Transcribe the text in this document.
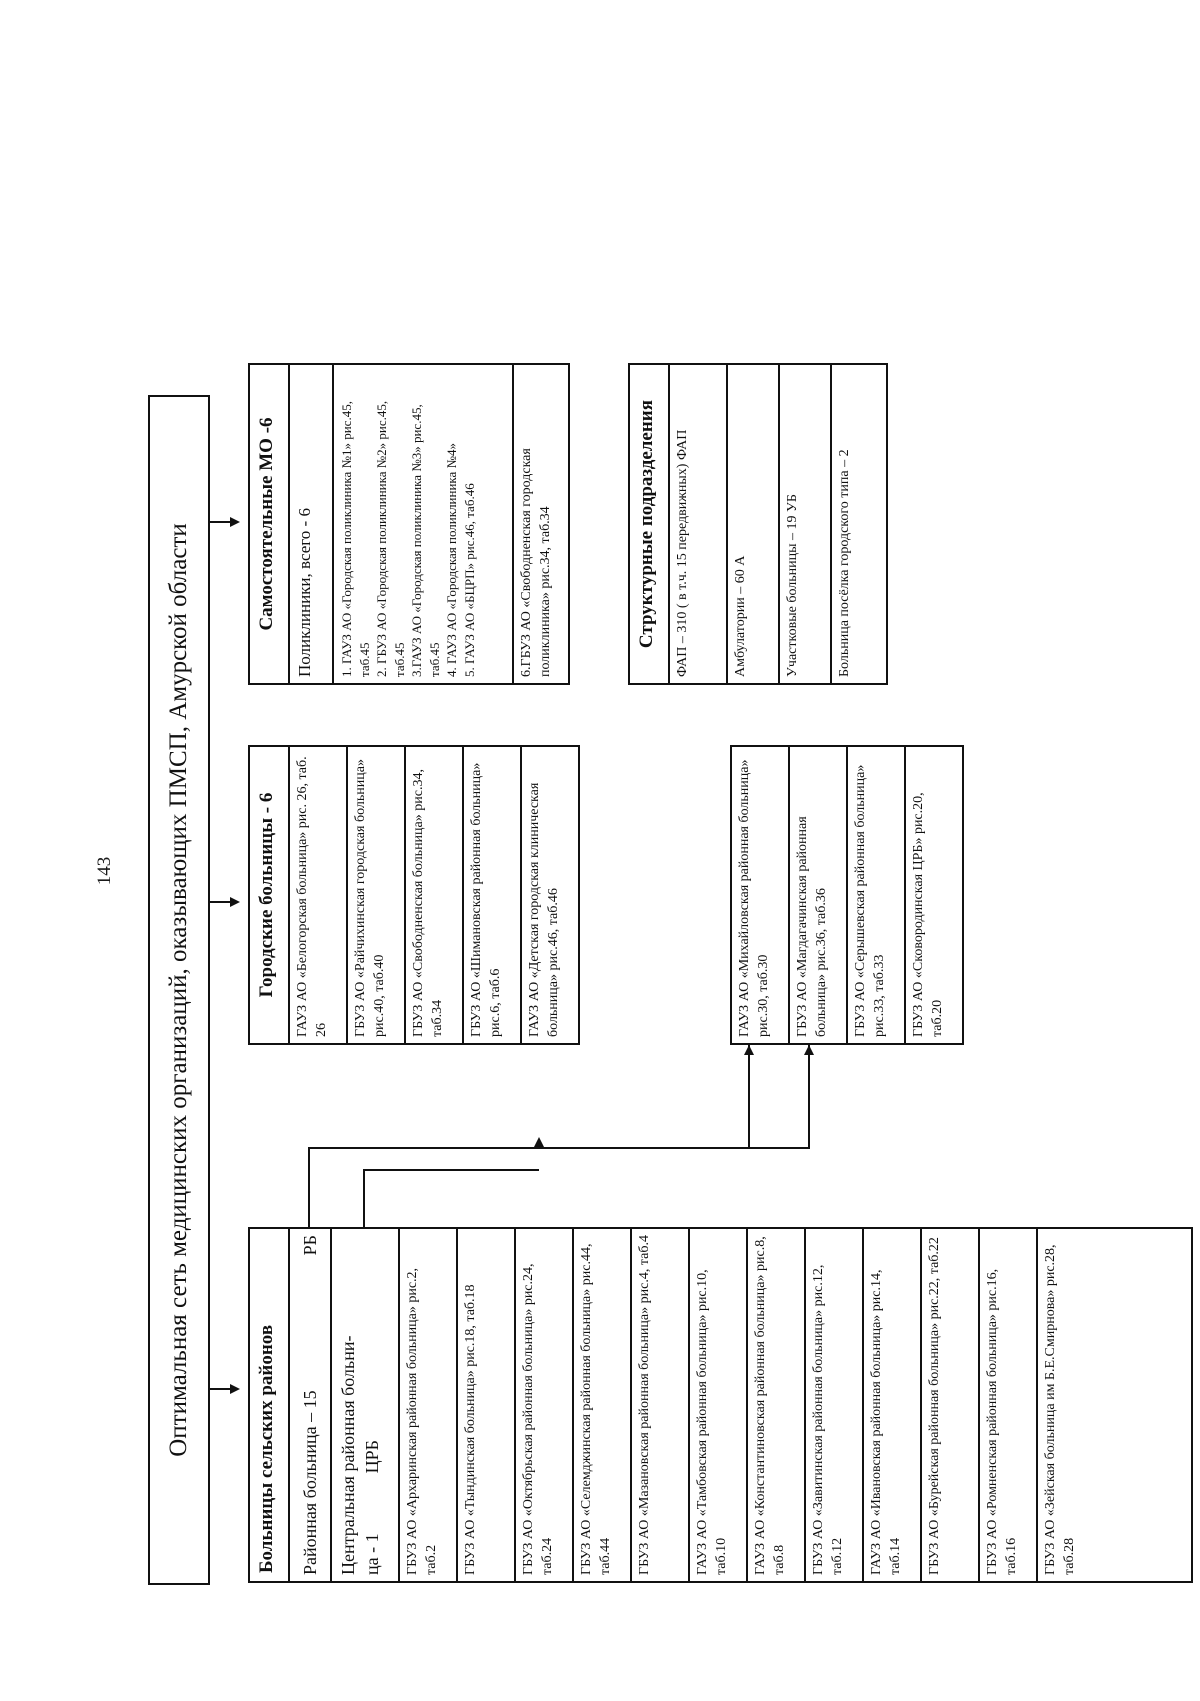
143	Оптимальная сеть медицинских организаций, оказывающих ПМСП, Амурской области	Больницы сельских районов	Районная больница – 15
РБ
Центральная районная больни- ца - 1
ЦРБ	ГБУЗ АО «Архаринская районная больница» рис.2, таб.2	ГБУЗ АО «Тындинская больница» рис.18, таб.18	ГБУЗ АО «Октябрьская районная больница» рис.24, таб.24	ГБУЗ АО «Селемджинская районная больница» рис.44, таб.44	ГБУЗ АО «Мазановская районная больница» рис.4, таб.4	ГАУЗ АО «Тамбовская районная больница» рис.10, таб.10	ГАУЗ АО «Константиновская районная больница» рис.8, таб.8	ГБУЗ АО «Завитинская районная больница» рис.12, таб.12	ГАУЗ АО «Ивановская районная больница» рис.14, таб.14	ГБУЗ АО «Бурейская районная больница» рис.22, таб.22	ГБУЗ АО «Ромненская районная больница» рис.16, таб.16	ГБУЗ АО «Зейская больница им Б.Е.Смирнова» рис.28, таб.28
Городские больницы - 6	ГАУЗ АО «Белогорская больница» рис. 26, таб. 26	ГБУЗ АО «Райчихинская городская больница» рис.40, таб.40	ГБУЗ АО «Свободненская больница» рис.34, таб.34	ГБУЗ АО «Шимановская районная больница» рис.6, таб.6	ГАУЗ АО «Детская городская клиническая больница» рис.46, таб.46	ГАУЗ АО «Михайловская районная больница» рис.30, таб.30	ГБУЗ АО «Магдагачинская районная больница» рис.36, таб.36	ГБУЗ АО «Серышевская районная больница» рис.33, таб.33	ГБУЗ АО «Сковородинская ЦРБ» рис.20, таб.20
Самостоятельные МО -6	Поликлиники, всего - 6	1. ГАУЗ АО «Городская поликлиника №1» рис.45, таб.45 2. ГБУЗ АО «Городская поликлиника №2» рис.45, таб.45 3.ГАУЗ АО «Городская поликлиника №3» рис.45, таб.45 4. ГАУЗ АО «Городская поликлиника №4» 5. ГАУЗ АО «БЦРП» рис.46, таб.46	6.ГБУЗ АО «Свободненская городская поликлиника» рис.34, таб.34	Структурные подразделения	ФАП – 310 ( в т.ч. 15 передвижных) ФАП	Амбулатории – 60 А	Участковые больницы – 19 УБ	Больница посёлка городского типа – 2
